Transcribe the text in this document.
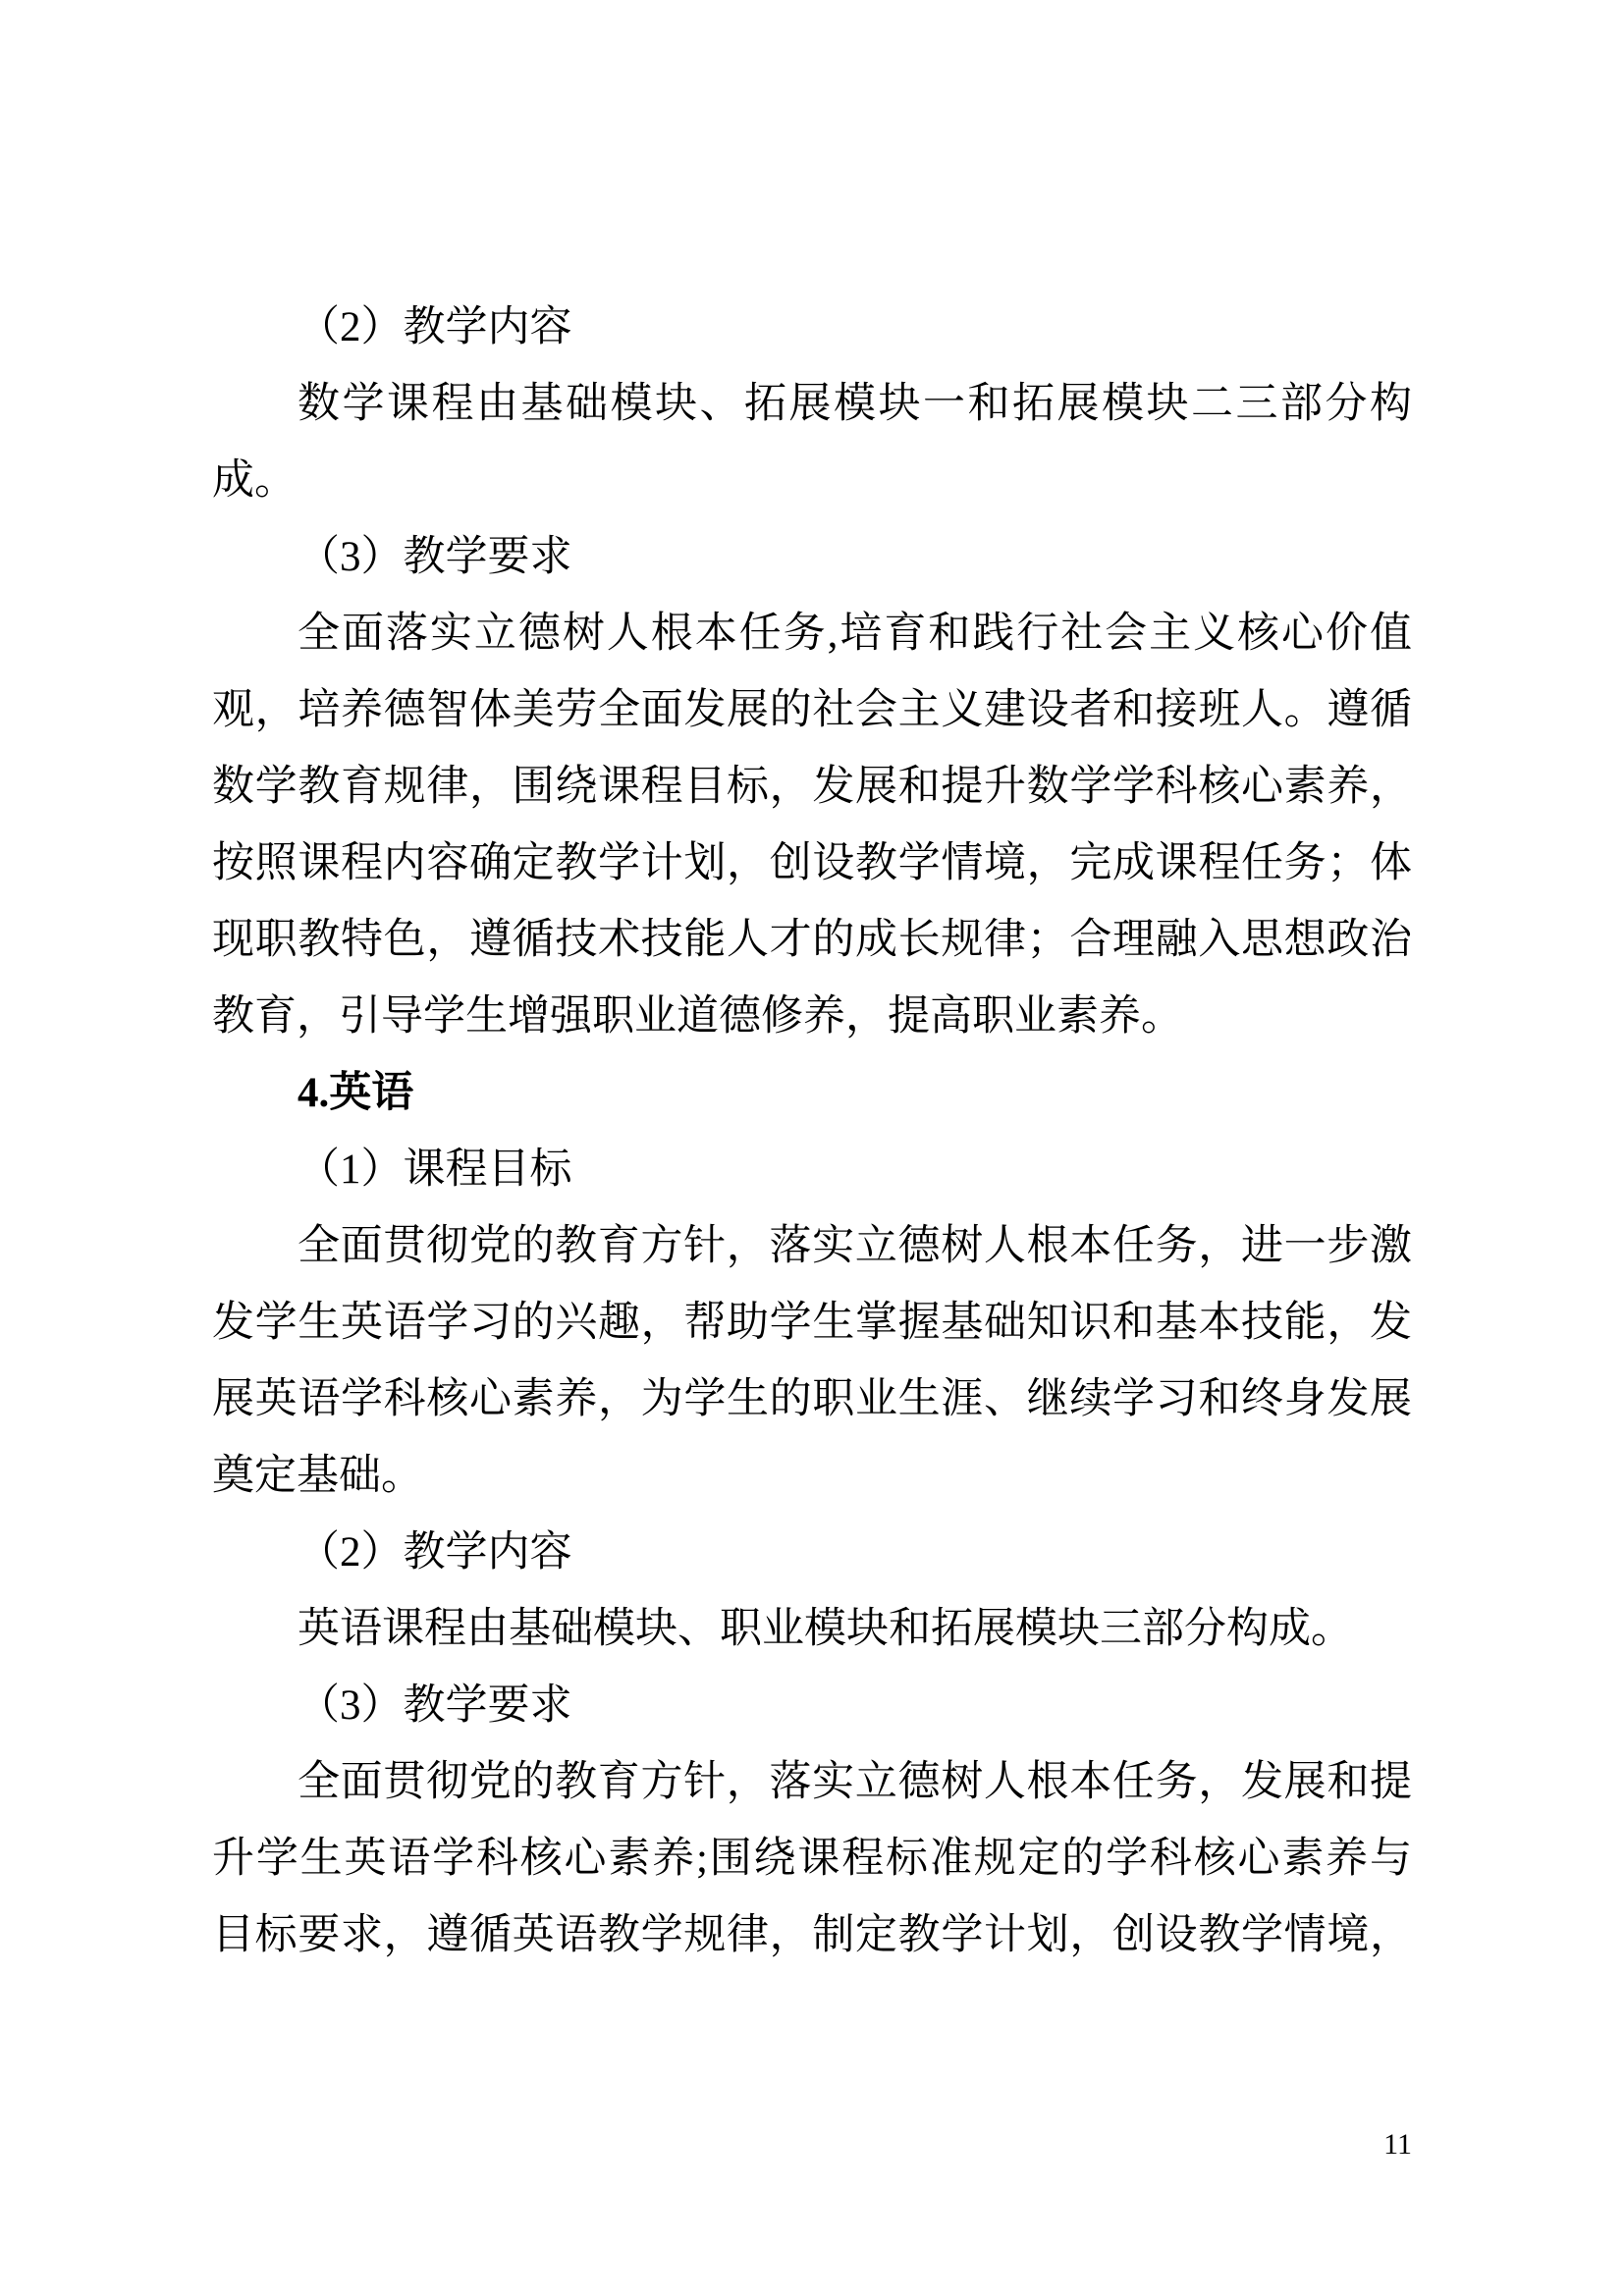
（2）教学内容
数学课程由基础模块、拓展模块一和拓展模块二三部分构
成。
（3）教学要求
全面落实立德树人根本任务,培育和践行社会主义核心价值
观，培养德智体美劳全面发展的社会主义建设者和接班人。遵循
数学教育规律，围绕课程目标，发展和提升数学学科核心素养，
按照课程内容确定教学计划，创设教学情境，完成课程任务；体
现职教特色，遵循技术技能人才的成长规律；合理融入思想政治
教育，引导学生增强职业道德修养，提高职业素养。
4.英语
（1）课程目标
全面贯彻党的教育方针，落实立德树人根本任务，进一步激
发学生英语学习的兴趣，帮助学生掌握基础知识和基本技能，发
展英语学科核心素养，为学生的职业生涯、继续学习和终身发展
奠定基础。
（2）教学内容
英语课程由基础模块、职业模块和拓展模块三部分构成。
（3）教学要求
全面贯彻党的教育方针，落实立德树人根本任务，发展和提
升学生英语学科核心素养;围绕课程标准规定的学科核心素养与
目标要求，遵循英语教学规律，制定教学计划，创设教学情境，
11
